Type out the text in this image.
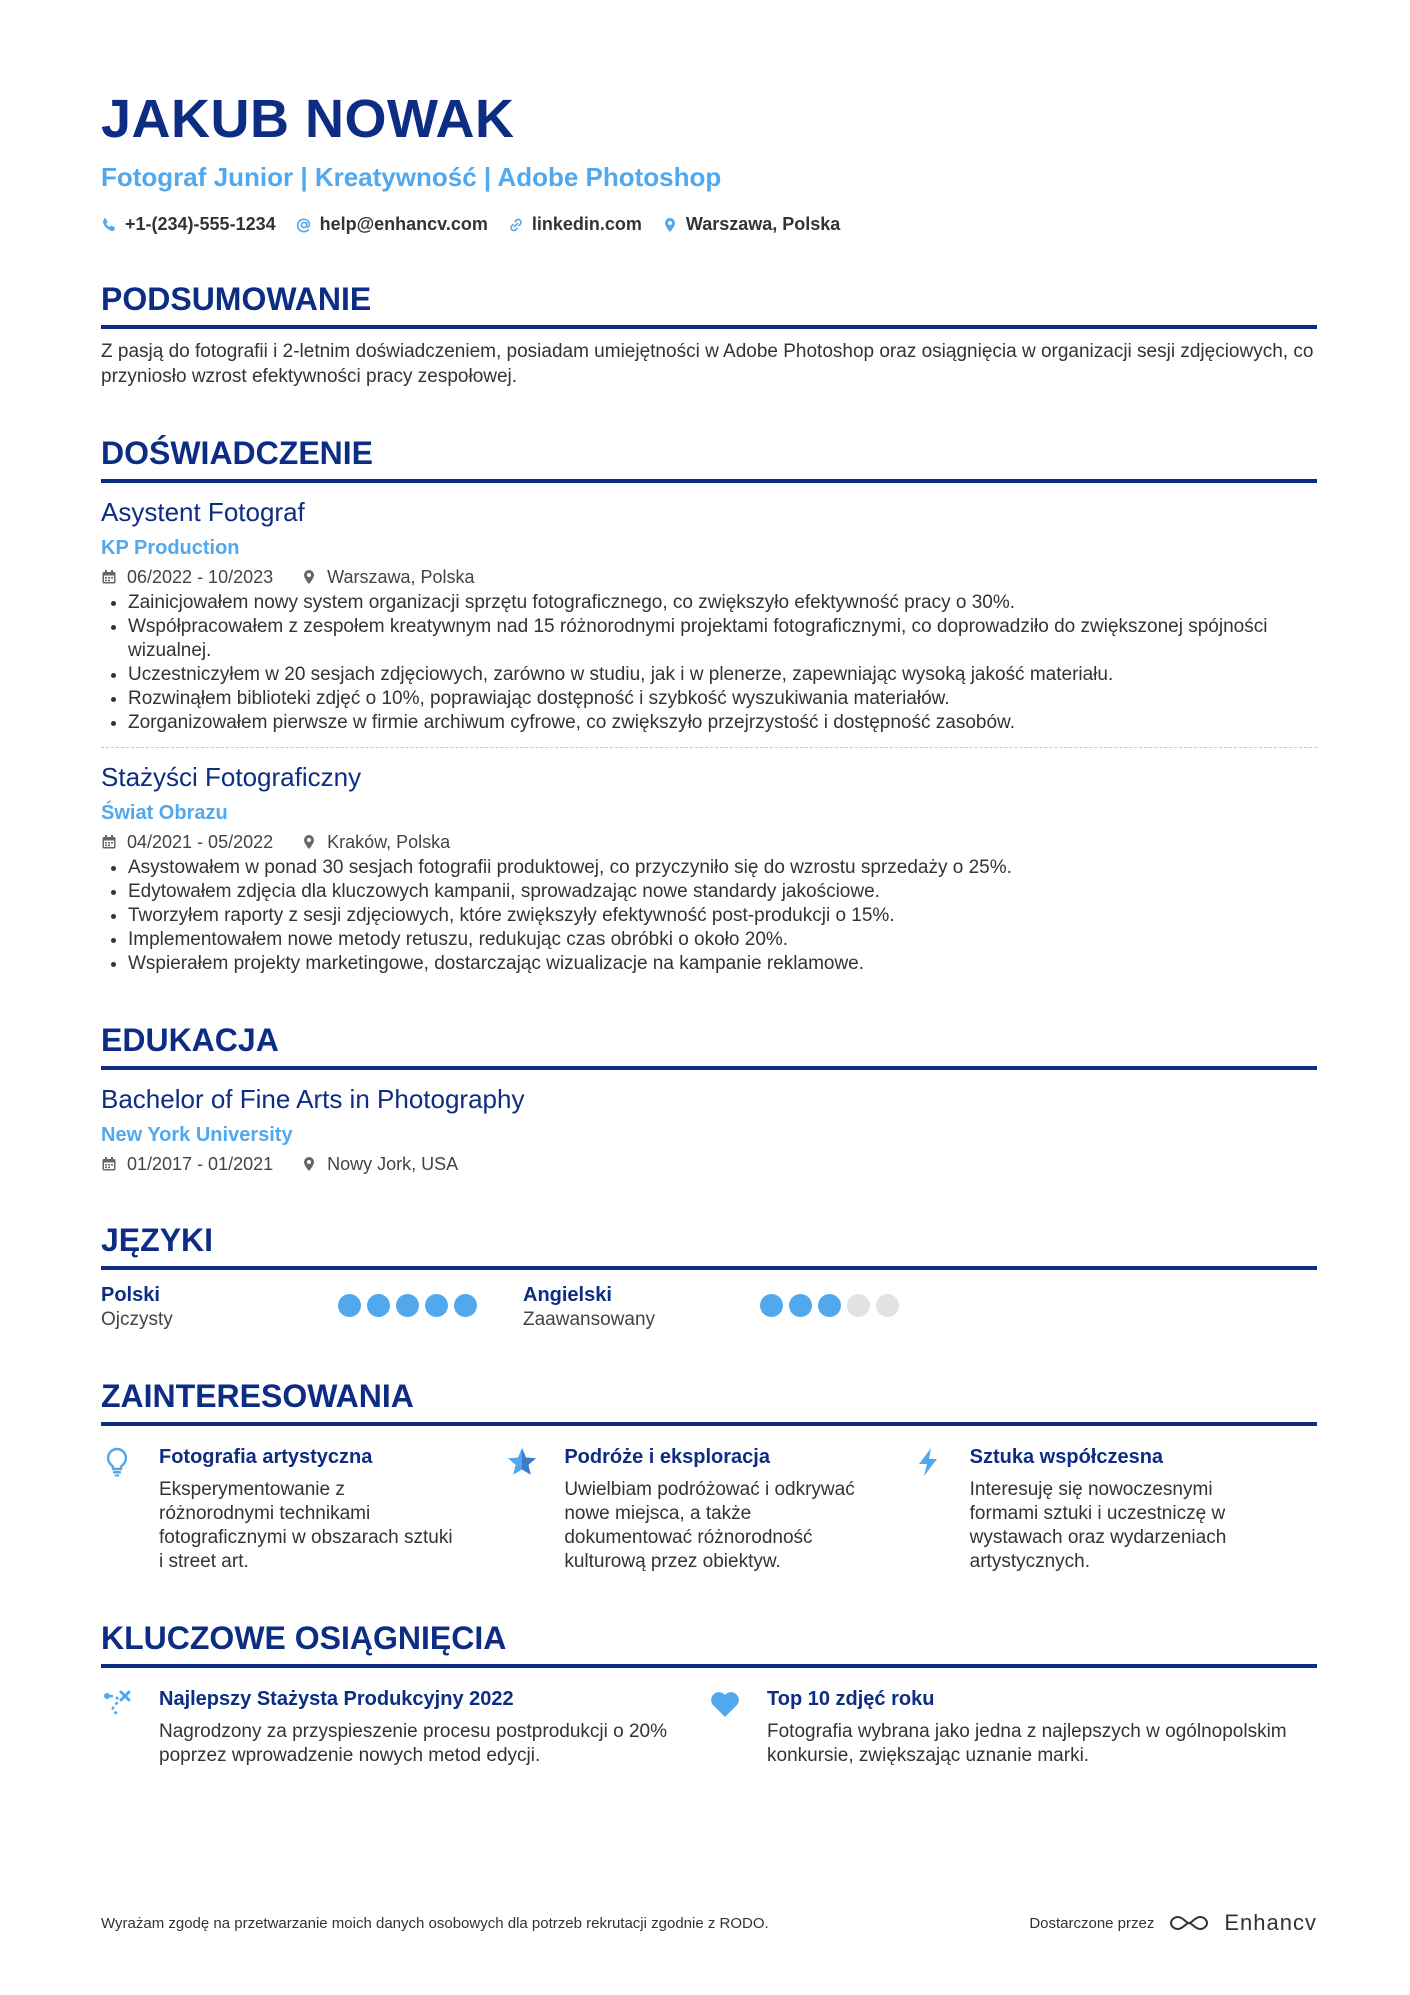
JAKUB NOWAK
Fotograf Junior | Kreatywność | Adobe Photoshop
+1-(234)-555-1234 help@enhancv.com linkedin.com Warszawa, Polska
PODSUMOWANIE
Z pasją do fotografii i 2-letnim doświadczeniem, posiadam umiejętności w Adobe Photoshop oraz osiągnięcia w organizacji sesji zdjęciowych, co przyniosło wzrost efektywności pracy zespołowej.
DOŚWIADCZENIE
Asystent Fotograf
KP Production
06/2022 - 10/2023	Warszawa, Polska
• Zainicjowałem nowy system organizacji sprzętu fotograficznego, co zwiększyło efektywność pracy o 30%.
• Współpracowałem z zespołem kreatywnym nad 15 różnorodnymi projektami fotograficznymi, co doprowadziło do zwiększonej spójności wizualnej.
• Uczestniczyłem w 20 sesjach zdjęciowych, zarówno w studiu, jak i w plenerze, zapewniając wysoką jakość materiału.
• Rozwinąłem biblioteki zdjęć o 10%, poprawiając dostępność i szybkość wyszukiwania materiałów.
• Zorganizowałem pierwsze w firmie archiwum cyfrowe, co zwiększyło przejrzystość i dostępność zasobów.
Stażyści Fotograficzny
Świat Obrazu
04/2021 - 05/2022	Kraków, Polska
• Asystowałem w ponad 30 sesjach fotografii produktowej, co przyczyniło się do wzrostu sprzedaży o 25%.
• Edytowałem zdjęcia dla kluczowych kampanii, sprowadzając nowe standardy jakościowe.
• Tworzyłem raporty z sesji zdjęciowych, które zwiększyły efektywność post-produkcji o 15%.
• Implementowałem nowe metody retuszu, redukując czas obróbki o około 20%.
• Wspierałem projekty marketingowe, dostarczając wizualizacje na kampanie reklamowe.
EDUKACJA
Bachelor of Fine Arts in Photography
New York University
01/2017 - 01/2021	Nowy Jork, USA
JĘZYKI
Polski
Ojczysty
Angielski
Zaawansowany
ZAINTERESOWANIA
Fotografia artystyczna
Eksperymentowanie z różnorodnymi technikami fotograficznymi w obszarach sztuki i street art.
Podróże i eksploracja
Uwielbiam podróżować i odkrywać nowe miejsca, a także dokumentować różnorodność kulturową przez obiektyw.
Sztuka współczesna
Interesuję się nowoczesnymi formami sztuki i uczestniczę w wystawach oraz wydarzeniach artystycznych.
KLUCZOWE OSIĄGNIĘCIA
Najlepszy Stażysta Produkcyjny 2022
Nagrodzony za przyspieszenie procesu postprodukcji o 20% poprzez wprowadzenie nowych metod edycji.
Top 10 zdjęć roku
Fotografia wybrana jako jedna z najlepszych w ogólnopolskim konkursie, zwiększając uznanie marki.
Wyrażam zgodę na przetwarzanie moich danych osobowych dla potrzeb rekrutacji zgodnie z RODO.	Dostarczone przez	Enhancv
